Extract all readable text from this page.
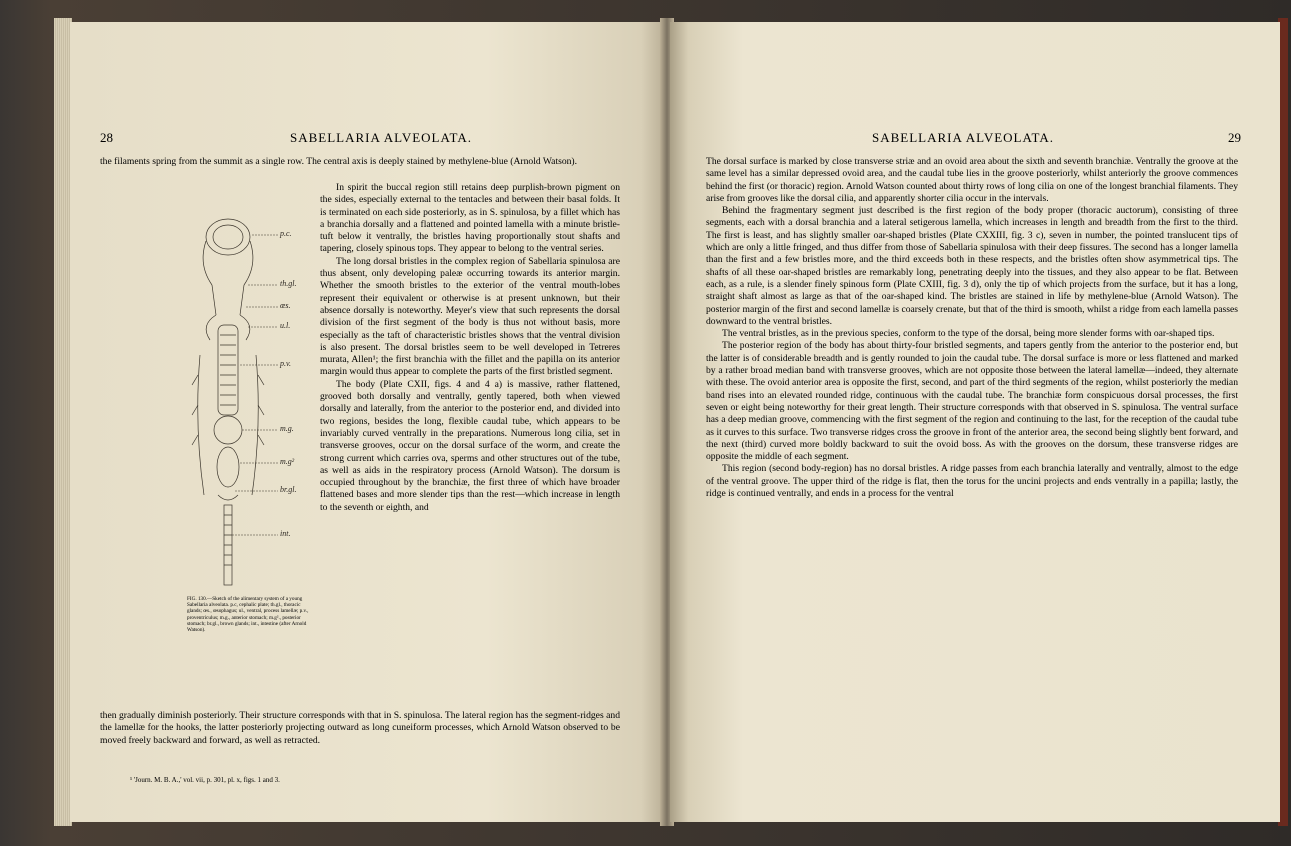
28	SABELLARIA ALVEOLATA.
the filaments spring from the summit as a single row. The central axis is deeply stained by methylene-blue (Arnold Watson).
p.c.
th.gl.
œs.
u.l.
p.v.
m.g.
m.g²
br.gl.
int.
FIG. 130.—Sketch of the alimentary system of a young Sabellaria alveolata. p.c, cephalic plate; th.gl., thoracic glands; œs., œsophagus; ul., ventral, process lamellæ; p.v., proventriculus; m.g., anterior stomach; m.g²., posterior stomach; br.gl., brown glands; int., intestine (after Arnold Watson).

In spirit the buccal region still retains deep purplish-brown pigment on the sides, especially external to the tentacles and between their basal folds. It is terminated on each side posteriorly, as in S. spinulosa, by a fillet which has a branchia dorsally and a flattened and pointed lamella with a minute bristle-tuft below it ventrally, the bristles having proportionally stout shafts and tapering, closely spinous tops. They appear to belong to the ventral series.

The long dorsal bristles in the complex region of Sabellaria spinulosa are thus absent, only developing paleæ occurring towards its anterior margin. Whether the smooth bristles to the exterior of the ventral mouth-lobes represent their equivalent or otherwise is at present unknown, but their absence dorsally is noteworthy. Meyer's view that such represents the dorsal division of the first segment of the body is thus not without basis, more especially as the taft of characteristic bristles shows that the ventral division is also present. The dorsal bristles seem to be well developed in Tetreres murata, Allen¹; the first branchia with the fillet and the papilla on its anterior margin would thus appear to complete the parts of the first bristled segment.

The body (Plate CXII, figs. 4 and 4 a) is massive, rather flattened, grooved both dorsally and ventrally, gently tapered, both when viewed dorsally and laterally, from the anterior to the posterior end, and divided into two regions, besides the long, flexible caudal tube, which appears to be invariably curved ventrally in the preparations. Numerous long cilia, set in transverse grooves, occur on the dorsal surface of the worm, and create the strong current which carries ova, sperms and other structures out of the tube, as well as aids in the respiratory process (Arnold Watson). The dorsum is occupied throughout by the branchiæ, the first three of which have broader flattened bases and more slender tips than the rest—which increase in length to the seventh or eighth, and

then gradually diminish posteriorly. Their structure corresponds with that in S. spinulosa. The lateral region has the segment-ridges and the lamellæ for the hooks, the latter posteriorly projecting outward as long cuneiform processes, which Arnold Watson observed to be moved freely backward and forward, as well as retracted.
¹ 'Journ. M. B. A.,' vol. vii, p. 301, pl. x, figs. 1 and 3.
SABELLARIA ALVEOLATA.	29

The dorsal surface is marked by close transverse striæ and an ovoid area about the sixth and seventh branchiæ. Ventrally the groove at the same level has a similar depressed ovoid area, and the caudal tube lies in the groove posteriorly, whilst anteriorly the groove commences behind the first (or thoracic) region. Arnold Watson counted about thirty rows of long cilia on one of the longest branchial filaments. They arise from grooves like the dorsal cilia, and apparently shorter cilia occur in the intervals.

Behind the fragmentary segment just described is the first region of the body proper (thoracic auctorum), consisting of three segments, each with a dorsal branchia and a lateral setigerous lamella, which increases in length and breadth from the first to the third. The first is least, and has slightly smaller oar-shaped bristles (Plate CXXIII, fig. 3 c), seven in number, the pointed translucent tips of which are only a little fringed, and thus differ from those of Sabellaria spinulosa with their deep fissures. The second has a longer lamella than the first and a few bristles more, and the third exceeds both in these respects, and the bristles often show asymmetrical tips. The shafts of all these oar-shaped bristles are remarkably long, penetrating deeply into the tissues, and they also appear to be flat. Between each, as a rule, is a slender finely spinous form (Plate CXIII, fig. 3 d), only the tip of which projects from the surface, but it has a long, straight shaft almost as large as that of the oar-shaped kind. The bristles are stained in life by methylene-blue (Arnold Watson). The posterior margin of the first and second lamellæ is coarsely crenate, but that of the third is smooth, whilst a ridge from each lamella passes downward to the ventral bristles.

The ventral bristles, as in the previous species, conform to the type of the dorsal, being more slender forms with oar-shaped tips.

The posterior region of the body has about thirty-four bristled segments, and tapers gently from the anterior to the posterior end, but the latter is of considerable breadth and is gently rounded to join the caudal tube. The dorsal surface is more or less flattened and marked by a rather broad median band with transverse grooves, which are not opposite those between the lateral lamellæ—indeed, they alternate with these. The ovoid anterior area is opposite the first, second, and part of the third segments of the region, whilst posteriorly the median band rises into an elevated rounded ridge, continuous with the caudal tube. The branchiæ form conspicuous dorsal processes, the first seven or eight being noteworthy for their great length. Their structure corresponds with that observed in S. spinulosa. The ventral surface has a deep median groove, commencing with the first segment of the region and continuing to the last, for the reception of the caudal tube as it curves to this surface. Two transverse ridges cross the groove in front of the anterior area, the second being slightly bent forward, and the next (third) curved more boldly backward to suit the ovoid boss. As with the grooves on the dorsum, these transverse ridges are opposite the middle of each segment.

This region (second body-region) has no dorsal bristles. A ridge passes from each branchia laterally and ventrally, almost to the edge of the ventral groove. The upper third of the ridge is flat, then the torus for the uncini projects and ends ventrally in a papilla; lastly, the ridge is continued ventrally, and ends in a process for the ventral
